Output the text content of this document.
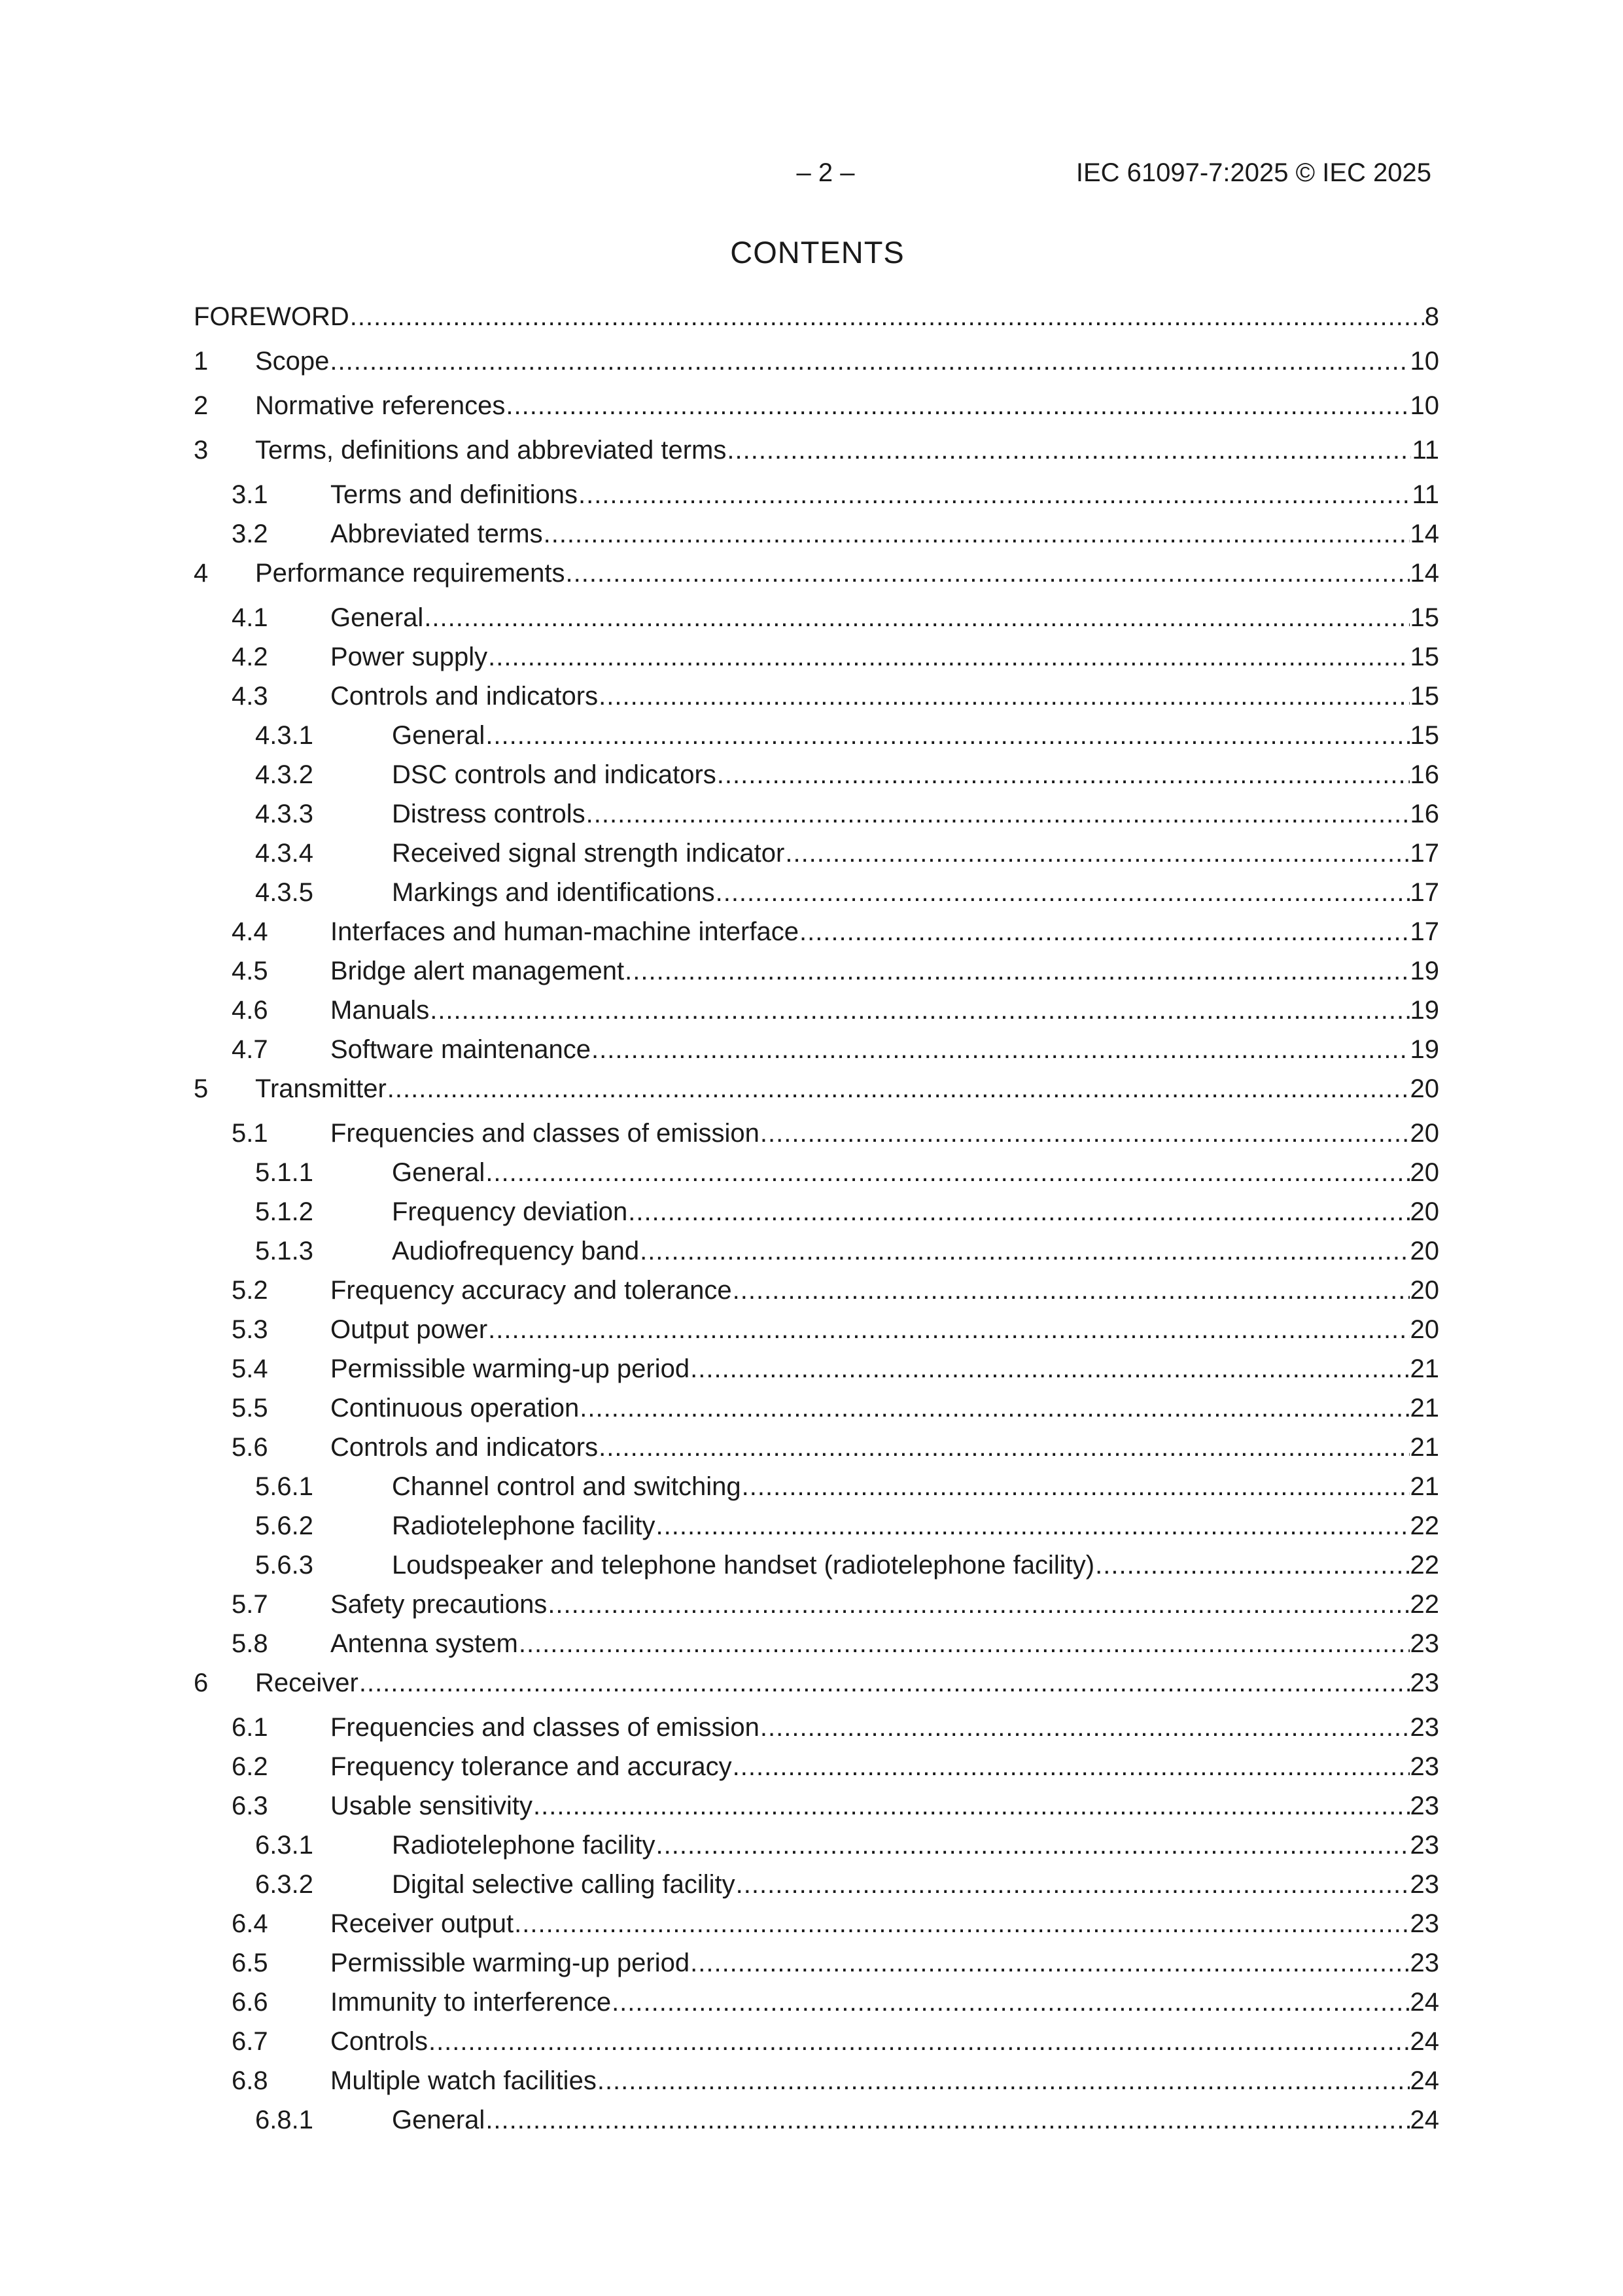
– 2 –	IEC 61097-7:2025 © IEC 2025
CONTENTS
FOREWORD .....	8
1	Scope .....	10
2	Normative references .....	10
3	Terms, definitions and abbreviated terms .....	11
3.1	Terms and definitions .....	11
3.2	Abbreviated terms .....	14
4	Performance requirements .....	14
4.1	General .....	15
4.2	Power supply .....	15
4.3	Controls and indicators .....	15
4.3.1	General .....	15
4.3.2	DSC controls and indicators .....	16
4.3.3	Distress controls .....	16
4.3.4	Received signal strength indicator .....	17
4.3.5	Markings and identifications .....	17
4.4	Interfaces and human-machine interface .....	17
4.5	Bridge alert management .....	19
4.6	Manuals .....	19
4.7	Software maintenance .....	19
5	Transmitter .....	20
5.1	Frequencies and classes of emission .....	20
5.1.1	General .....	20
5.1.2	Frequency deviation .....	20
5.1.3	Audiofrequency band .....	20
5.2	Frequency accuracy and tolerance .....	20
5.3	Output power .....	20
5.4	Permissible warming-up period .....	21
5.5	Continuous operation .....	21
5.6	Controls and indicators .....	21
5.6.1	Channel control and switching .....	21
5.6.2	Radiotelephone facility .....	22
5.6.3	Loudspeaker and telephone handset (radiotelephone facility) .....	22
5.7	Safety precautions .....	22
5.8	Antenna system .....	23
6	Receiver .....	23
6.1	Frequencies and classes of emission .....	23
6.2	Frequency tolerance and accuracy .....	23
6.3	Usable sensitivity .....	23
6.3.1	Radiotelephone facility .....	23
6.3.2	Digital selective calling facility .....	23
6.4	Receiver output .....	23
6.5	Permissible warming-up period .....	23
6.6	Immunity to interference .....	24
6.7	Controls .....	24
6.8	Multiple watch facilities .....	24
6.8.1	General .....	24
